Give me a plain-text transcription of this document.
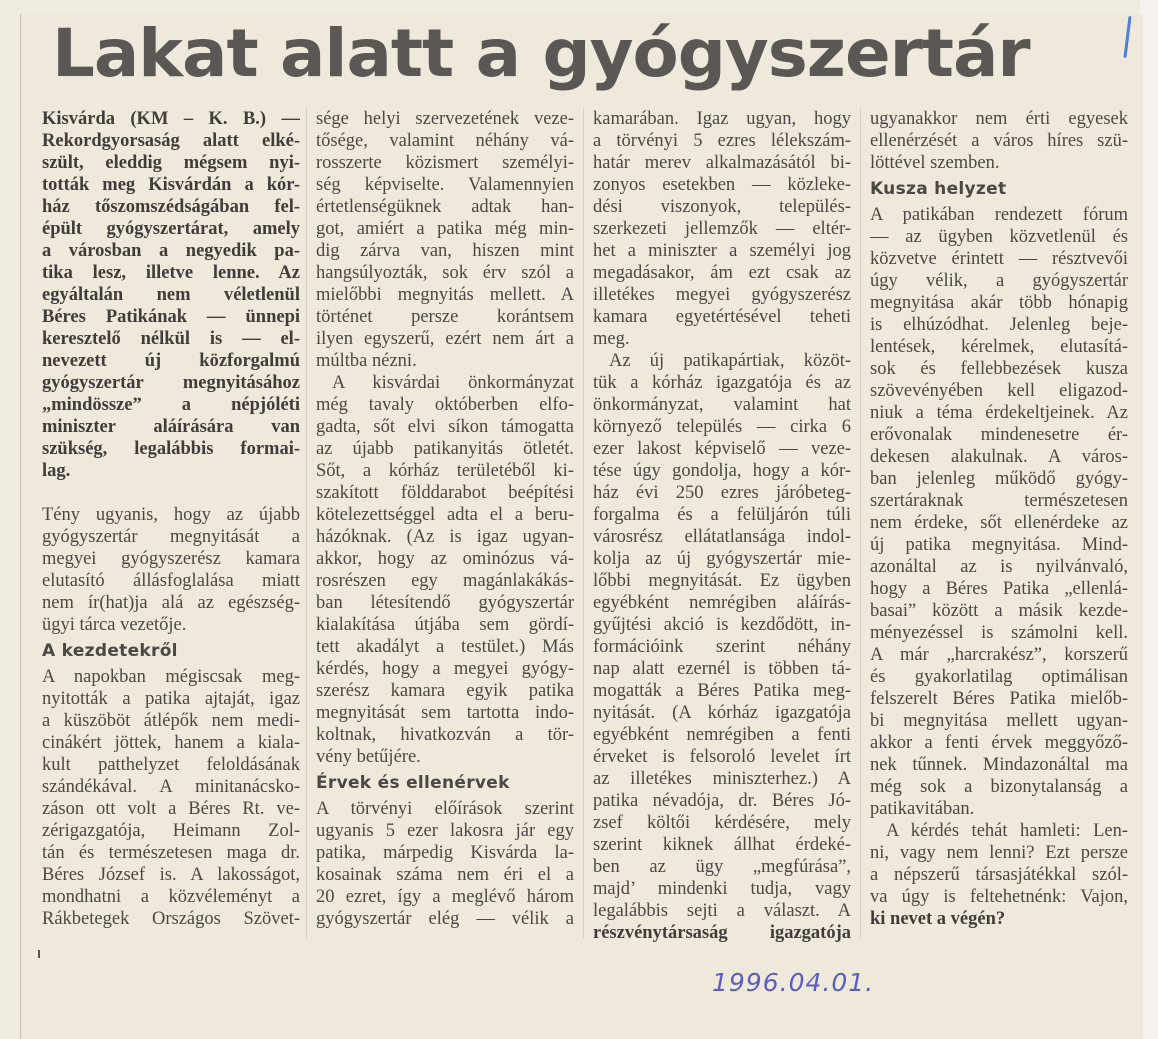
Lakat alatt a gyógyszertár
Kisvárda (KM – K. B.) —
Rekordgyorsaság alatt elké-
szült, eleddig mégsem nyi-
tották meg Kisvárdán a kór-
ház tőszomszédságában fel-
épült gyógyszertárat, amely
a városban a negyedik pa-
tika lesz, illetve lenne. Az
egyáltalán nem véletlenül
Béres Patikának — ünnepi
keresztelő nélkül is — el-
nevezett új közforgalmú
gyógyszertár megnyitásához
„mindössze” a népjóléti
miniszter aláírására van
szükség, legalábbis formai-
lag.
Tény ugyanis, hogy az újabb
gyógyszertár megnyitását a
megyei gyógyszerész kamara
elutasító állásfoglalása miatt
nem ír(hat)ja alá az egészség-
ügyi tárca vezetője.
A kezdetekről
A napokban mégiscsak meg-
nyitották a patika ajtaját, igaz
a küszöböt átlépők nem medi-
cinákért jöttek, hanem a kiala-
kult patthelyzet feloldásának
szándékával. A minitanácsko-
záson ott volt a Béres Rt. ve-
zérigazgatója, Heimann Zol-
tán és természetesen maga dr.
Béres József is. A lakosságot,
mondhatni a közvéleményt a
Rákbetegek Országos Szövet-
sége helyi szervezetének veze-
tősége, valamint néhány vá-
rosszerte közismert személyi-
ség képviselte. Valamennyien
értetlenségüknek adtak han-
got, amiért a patika még min-
dig zárva van, hiszen mint
hangsúlyozták, sok érv szól a
mielőbbi megnyitás mellett. A
történet persze korántsem
ilyen egyszerű, ezért nem árt a
múltba nézni.
A kisvárdai önkormányzat
még tavaly októberben elfo-
gadta, sőt elvi síkon támogatta
az újabb patikanyitás ötletét.
Sőt, a kórház területéből ki-
szakított földdarabot beépítési
kötelezettséggel adta el a beru-
házóknak. (Az is igaz ugyan-
akkor, hogy az ominózus vá-
rosrészen egy magánlakákás-
ban létesítendő gyógyszertár
kialakítása útjába sem gördí-
tett akadályt a testület.) Más
kérdés, hogy a megyei gyógy-
szerész kamara egyik patika
megnyitását sem tartotta indo-
koltnak, hivatkozván a tör-
vény betűjére.
Érvek és ellenérvek
A törvényi előírások szerint
ugyanis 5 ezer lakosra jár egy
patika, márpedig Kisvárda la-
kosainak száma nem éri el a
20 ezret, így a meglévő három
gyógyszertár elég — vélik a
kamarában. Igaz ugyan, hogy
a törvényi 5 ezres lélekszám-
határ merev alkalmazásától bi-
zonyos esetekben — közleke-
dési viszonyok, település-
szerkezeti jellemzők — eltér-
het a miniszter a személyi jog
megadásakor, ám ezt csak az
illetékes megyei gyógyszerész
kamara egyetértésével teheti
meg.
Az új patikapártiak, közöt-
tük a kórház igazgatója és az
önkormányzat, valamint hat
környező település — cirka 6
ezer lakost képviselő — veze-
tése úgy gondolja, hogy a kór-
ház évi 250 ezres járóbeteg-
forgalma és a felüljárón túli
városrész ellátatlansága indol-
kolja az új gyógyszertár mie-
lőbbi megnyitását. Ez ügyben
egyébként nemrégiben aláírás-
gyűjtési akció is kezdődött, in-
formációink szerint néhány
nap alatt ezernél is többen tá-
mogatták a Béres Patika meg-
nyitását. (A kórház igazgatója
egyébként nemrégiben a fenti
érveket is felsoroló levelet írt
az illetékes miniszterhez.) A
patika névadója, dr. Béres Jó-
zsef költői kérdésére, mely
szerint kiknek állhat érdeké-
ben az ügy „megfúrása”,
majd’ mindenki tudja, vagy
legalábbis sejti a választ. A
részvénytársaság igazgatója
ugyanakkor nem érti egyesek
ellenérzését a város híres szü-
löttével szemben.
Kusza helyzet
A patikában rendezett fórum
— az ügyben közvetlenül és
közvetve érintett — résztvevői
úgy vélik, a gyógyszertár
megnyitása akár több hónapig
is elhúzódhat. Jelenleg beje-
lentések, kérelmek, elutasítá-
sok és fellebbezések kusza
szövevényében kell eligazod-
niuk a téma érdekeltjeinek. Az
erővonalak mindenesetre ér-
dekesen alakulnak. A város-
ban jelenleg működő gyógy-
szertáraknak természetesen
nem érdeke, sőt ellenérdeke az
új patika megnyitása. Mind-
azonáltal az is nyilvánvaló,
hogy a Béres Patika „ellenlá-
basai” között a másik kezde-
ményezéssel is számolni kell.
A már „harcrakész”, korszerű
és gyakorlatilag optimálisan
felszerelt Béres Patika mielőb-
bi megnyitása mellett ugyan-
akkor a fenti érvek meggyőző-
nek tűnnek. Mindazonáltal ma
még sok a bizonytalanság a
patikavitában.
A kérdés tehát hamleti: Len-
ni, vagy nem lenni? Ezt persze
a népszerű társasjátékkal szól-
va úgy is feltehetnénk: Vajon,
ki nevet a végén?
1996.04.01.
